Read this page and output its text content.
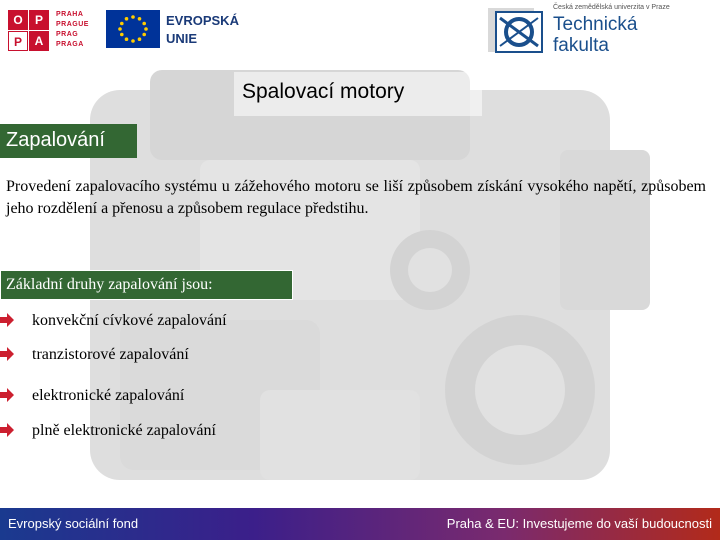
O	P
P	A
PRAHA
PRAGUE
PRAG
PRAGA
EVROPSKÁ
UNIE
Česká zemědělská univerzita v Praze
Technická
fakulta
Spalovací motory
Zapalování
Provedení zapalovacího systému u zážehového motoru se liší způsobem získání vysokého napětí, způsobem jeho rozdělení a přenosu a způsobem regulace předstihu.
Základní druhy zapalování jsou:
konvekční cívkové zapalování
tranzistorové zapalování
elektronické zapalování
plně elektronické zapalování
Evropský sociální fond	Praha & EU: Investujeme do vaší budoucnosti
